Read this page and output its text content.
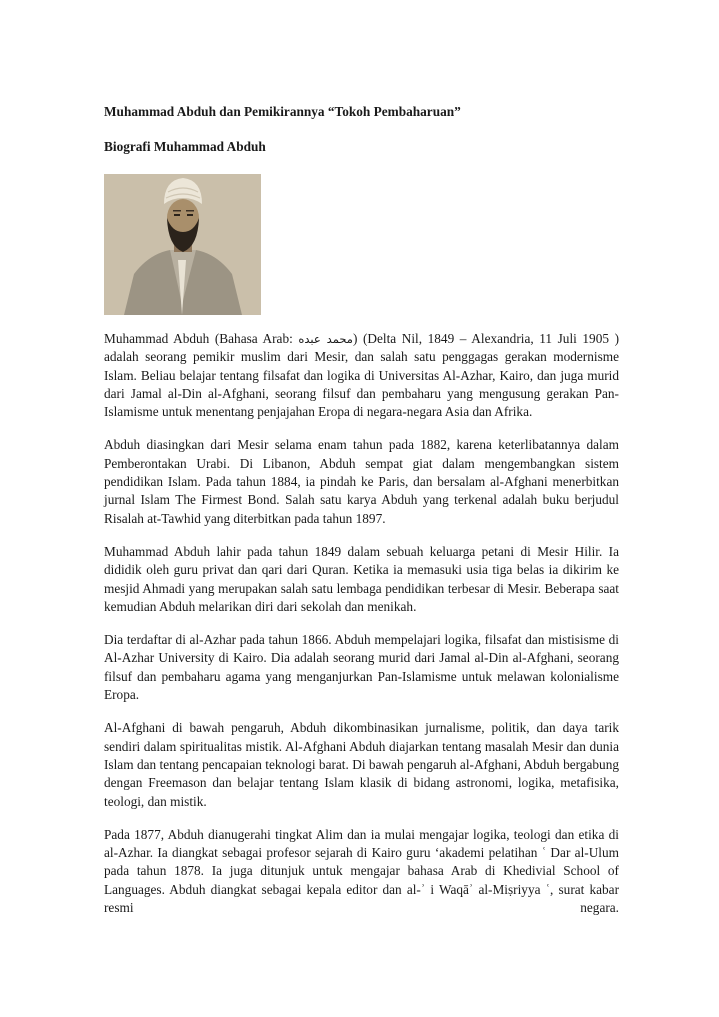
Muhammad Abduh dan Pemikirannya “Tokoh Pembaharuan”
Biografi Muhammad Abduh

Muhammad Abduh (Bahasa Arab: محمد عبده) (Delta Nil, 1849 – Alexandria, 11 Juli 1905 ) adalah seorang pemikir muslim dari Mesir, dan salah satu penggagas gerakan modernisme Islam. Beliau belajar tentang filsafat dan logika di Universitas Al-Azhar, Kairo, dan juga murid dari Jamal al-Din al-Afghani, seorang filsuf dan pembaharu yang mengusung gerakan Pan-Islamisme untuk menentang penjajahan Eropa di negara-negara Asia dan Afrika.

Abduh diasingkan dari Mesir selama enam tahun pada 1882, karena keterlibatannya dalam Pemberontakan Urabi. Di Libanon, Abduh sempat giat dalam mengembangkan sistem pendidikan Islam. Pada tahun 1884, ia pindah ke Paris, dan bersalam al-Afghani menerbitkan jurnal Islam The Firmest Bond. Salah satu karya Abduh yang terkenal adalah buku berjudul Risalah at-Tawhid yang diterbitkan pada tahun 1897.

Muhammad Abduh lahir pada tahun 1849 dalam sebuah keluarga petani di Mesir Hilir. Ia dididik oleh guru privat dan qari dari Quran. Ketika ia memasuki usia tiga belas ia dikirim ke mesjid Ahmadi yang merupakan salah satu lembaga pendidikan terbesar di Mesir. Beberapa saat kemudian Abduh melarikan diri dari sekolah dan menikah.

Dia terdaftar di al-Azhar pada tahun 1866. Abduh mempelajari logika, filsafat dan mistisisme di Al-Azhar University di Kairo. Dia adalah seorang murid dari Jamal al-Din al-Afghani, seorang filsuf dan pembaharu agama yang menganjurkan Pan-Islamisme untuk melawan kolonialisme Eropa.

Al-Afghani di bawah pengaruh, Abduh dikombinasikan jurnalisme, politik, dan daya tarik sendiri dalam spiritualitas mistik. Al-Afghani Abduh diajarkan tentang masalah Mesir dan dunia Islam dan tentang pencapaian teknologi barat. Di bawah pengaruh al-Afghani, Abduh bergabung dengan Freemason dan belajar tentang Islam klasik di bidang astronomi, logika, metafisika, teologi, dan mistik.

Pada 1877, Abduh dianugerahi tingkat Alim dan ia mulai mengajar logika, teologi dan etika di al-Azhar. Ia diangkat sebagai profesor sejarah di Kairo guru ‘akademi pelatihan ʿ Dar al-Ulum pada tahun 1878. Ia juga ditunjuk untuk mengajar bahasa Arab di Khedivial School of Languages. Abduh diangkat sebagai kepala editor dan al-ʾ i Waqāʾ al-Miṣriyya ʿ, surat kabar resmi negara.
